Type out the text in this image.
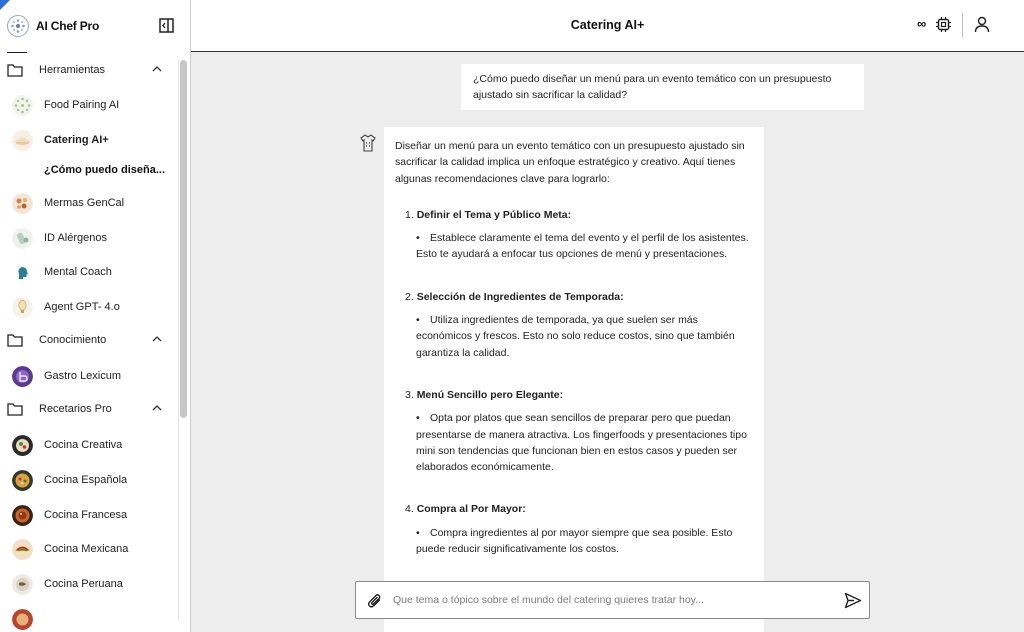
AI Chef Pro
Herramientas
Food Pairing AI
Catering AI+
¿Cómo puedo diseña...
Mermas GenCal
ID Alérgenos
Mental Coach
Agent GPT- 4.o
Conocimiento
Gastro Lexicum
Recetarios Pro
Cocina Creativa
Cocina Española
Cocina Francesa
Cocina Mexicana
Cocina Peruana
Catering AI+	∞
¿Cómo puedo diseñar un menú para un evento temático con un presupuesto ajustado sin sacrificar la calidad?

Diseñar un menú para un evento temático con un presupuesto ajustado sin sacrificar la calidad implica un enfoque estratégico y creativo. Aquí tienes algunas recomendaciones clave para lograrlo:

1. Definir el Tema y Público Meta:
• Establece claramente el tema del evento y el perfil de los asistentes. Esto te ayudará a enfocar tus opciones de menú y presentaciones.
2. Selección de Ingredientes de Temporada:
• Utiliza ingredientes de temporada, ya que suelen ser más económicos y frescos. Esto no solo reduce costos, sino que también garantiza la calidad.
3. Menú Sencillo pero Elegante:
• Opta por platos que sean sencillos de preparar pero que puedan presentarse de manera atractiva. Los fingerfoods y presentaciones tipo mini son tendencias que funcionan bien en estos casos y pueden ser elaborados económicamente.
4. Compra al Por Mayor:
• Compra ingredientes al por mayor siempre que sea posible. Esto puede reducir significativamente los costos.
Que tema o tópico sobre el mundo del catering quieres tratar hoy...
